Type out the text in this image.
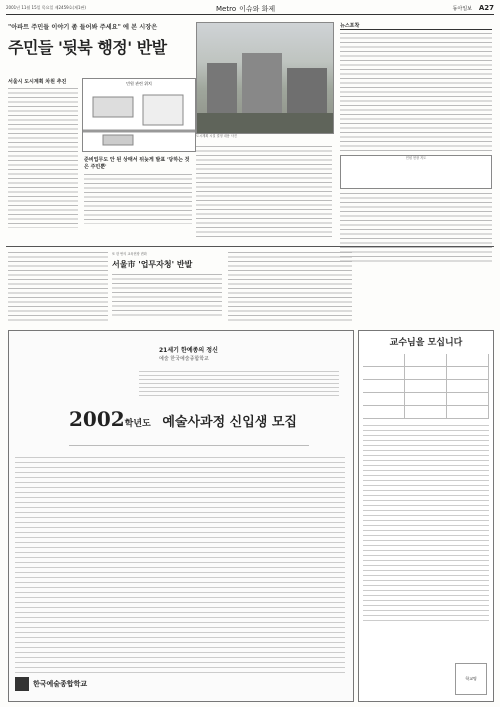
2001년 11월 15일 목요일 제2459호(제1판)	Metro 이슈와 화제	동아일보 A27
"아파트 주민들 이야기 좀 들어봐 주세요" 에 본 시장은
주민들 '뒷북 행정' 반발
서울시 도시계획 차원 추진	민원 관련 위치
준비업무도 안 된 상태서 뒤늦게 발표 '당하는 것은 주민뿐'
도시계획 시설 결정 내용 사진
뉴스포착
민원 현장 지도
또 한 번의 교육현장 변화
서울市 '업무자청' 반발
21세기 한예종의 정신
예술 한국예술종합학교
2002학년도 예술사과정 신입생 모집
한국예술종합학교
교수님을 모십니다
학교명
